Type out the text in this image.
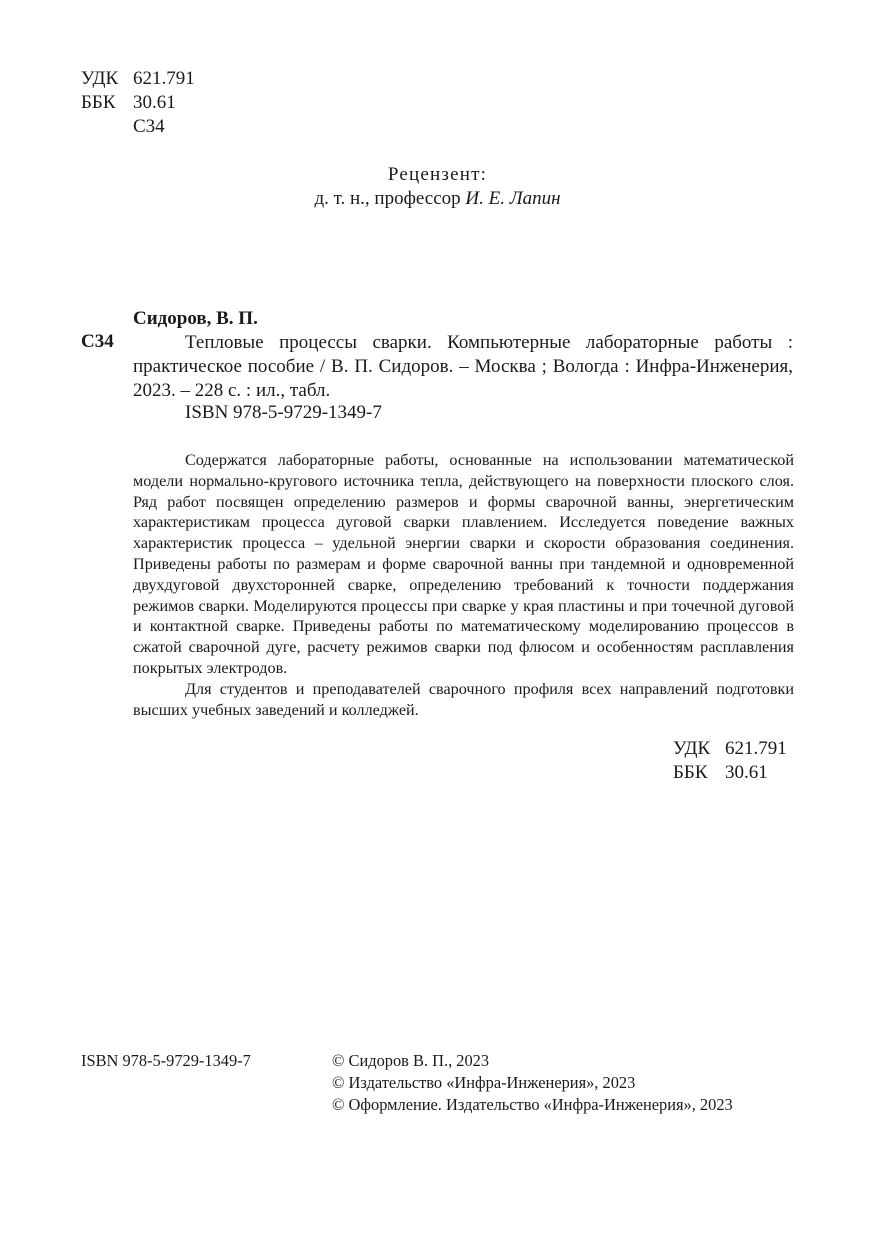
УДК 621.791
ББК 30.61
С34
Рецензент:
д. т. н., профессор И. Е. Лапин
Сидоров, В. П.
С34	Тепловые процессы сварки. Компьютерные лабораторные работы : практическое пособие / В. П. Сидоров. – Москва ; Вологда : Инфра-Инженерия, 2023. – 228 с. : ил., табл.
ISBN 978-5-9729-1349-7

Содержатся лабораторные работы, основанные на использовании математической модели нормально-кругового источника тепла, действующего на поверхности плоского слоя. Ряд работ посвящен определению размеров и формы сварочной ванны, энергетическим характеристикам процесса дуговой сварки плавлением. Исследуется поведение важных характеристик процесса – удельной энергии сварки и скорости образования соединения. Приведены работы по размерам и форме сварочной ванны при тандемной и одновременной двухдуговой двухсторонней сварке, определению требований к точности поддержания режимов сварки. Моделируются процессы при сварке у края пластины и при точечной дуговой и контактной сварке. Приведены работы по математическому моделированию процессов в сжатой сварочной дуге, расчету режимов сварки под флюсом и особенностям расплавления покрытых электродов.

Для студентов и преподавателей сварочного профиля всех направлений подготовки высших учебных заведений и колледжей.

УДК 621.791
ББК 30.61
ISBN 978-5-9729-1349-7	© Сидоров В. П., 2023
© Издательство «Инфра-Инженерия», 2023
© Оформление. Издательство «Инфра-Инженерия», 2023
